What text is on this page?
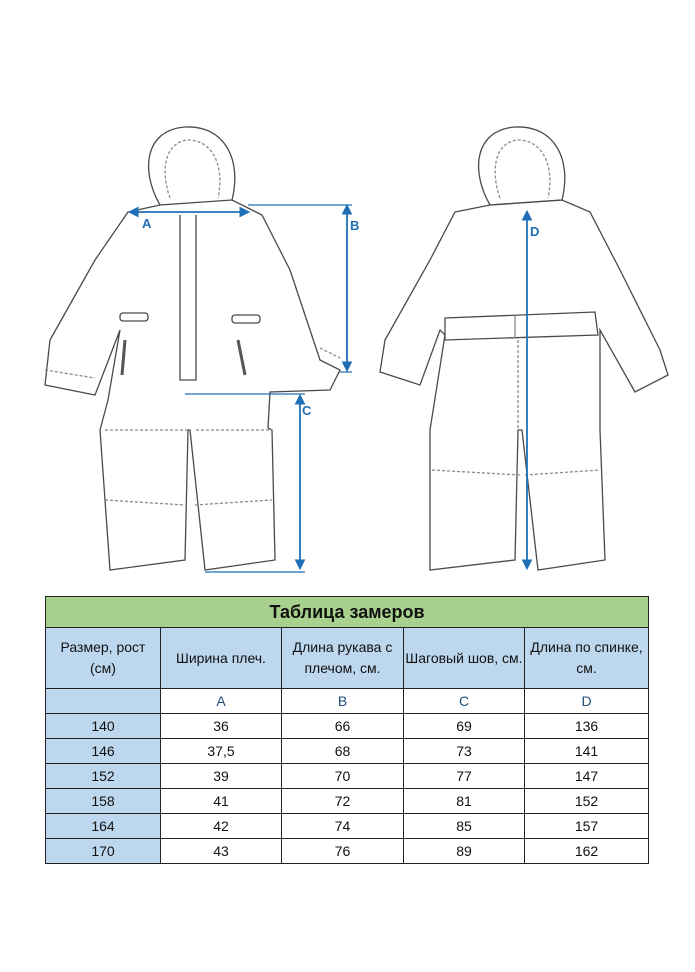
A	B
C
D
Таблица замеров				
Размер, рост (см)	Ширина плеч.	Длина рукава с плечом, см.	Шаговый шов, см.	Длина по спинке, см.
	A	B	C	D
140	36	66	69	136
146	37,5	68	73	141
152	39	70	77	147
158	41	72	81	152
164	42	74	85	157
170	43	76	89	162
